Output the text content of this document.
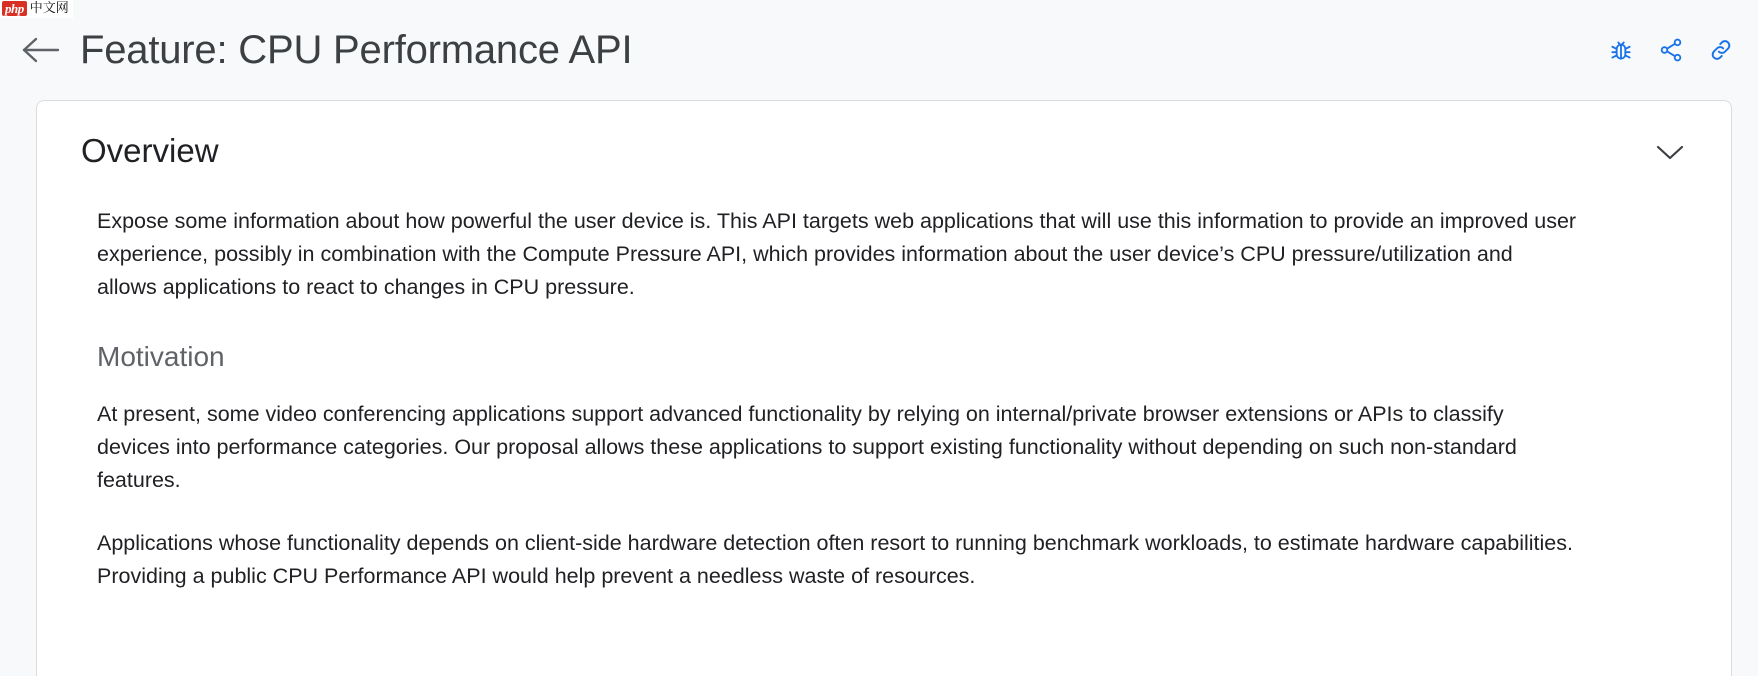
php 中文网
Feature: CPU Performance API
Overview

Expose some information about how powerful the user device is. This API targets web applications that will use this information to provide an improved user experience, possibly in combination with the Compute Pressure API, which provides information about the user device’s CPU pressure/utilization and allows applications to react to changes in CPU pressure.

Motivation

At present, some video conferencing applications support advanced functionality by relying on internal/private browser extensions or APIs to classify devices into performance categories. Our proposal allows these applications to support existing functionality without depending on such non-standard features.

Applications whose functionality depends on client-side hardware detection often resort to running benchmark workloads, to estimate hardware capabilities. Providing a public CPU Performance API would help prevent a needless waste of resources.
